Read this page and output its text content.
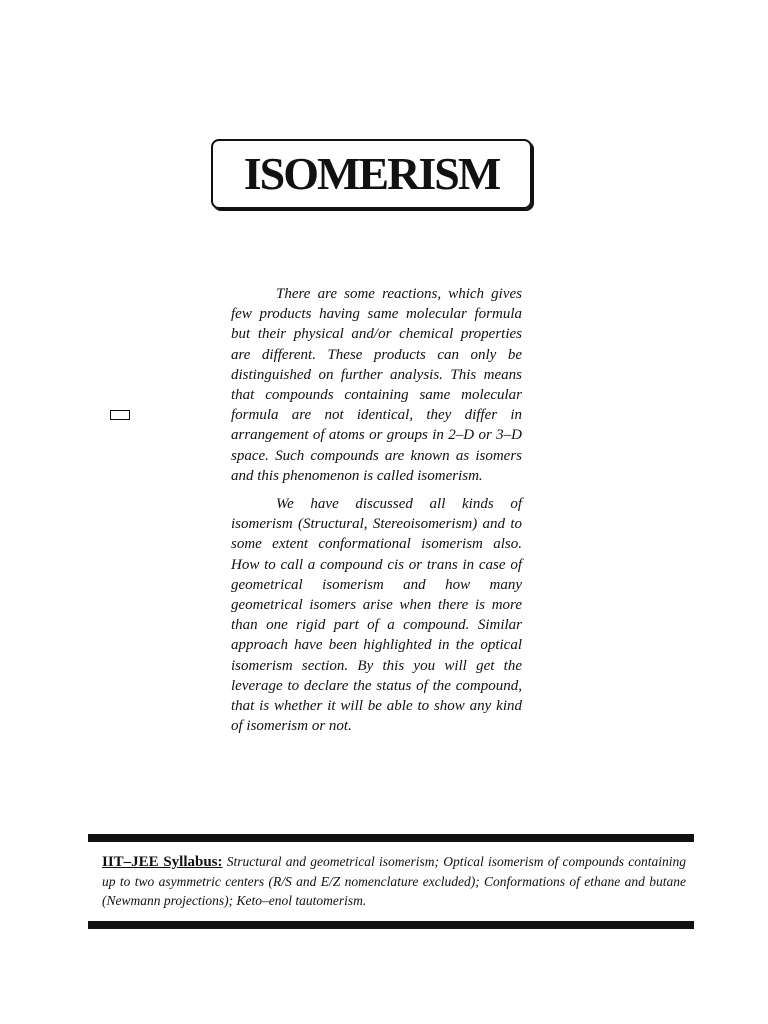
ISOMERISM

There are some reactions, which gives few products having same molecular formula but their physical and/or chemical properties are different. These products can only be distinguished on further analysis. This means that compounds containing same molecular formula are not identical, they differ in arrangement of atoms or groups in 2–D or 3–D space. Such compounds are known as isomers and this phenomenon is called isomerism.

We have discussed all kinds of isomerism (Structural, Stereoisomerism) and to some extent conformational isomerism also. How to call a compound cis or trans in case of geometrical isomerism and how many geometrical isomers arise when there is more than one rigid part of a compound. Similar approach have been highlighted in the optical isomerism section. By this you will get the leverage to declare the status of the compound, that is whether it will be able to show any kind of isomerism or not.

IIT–JEE Syllabus: Structural and geometrical isomerism; Optical isomerism of compounds containing up to two asymmetric centers (R/S and E/Z nomenclature excluded); Conformations of ethane and butane (Newmann projections); Keto–enol tautomerism.
